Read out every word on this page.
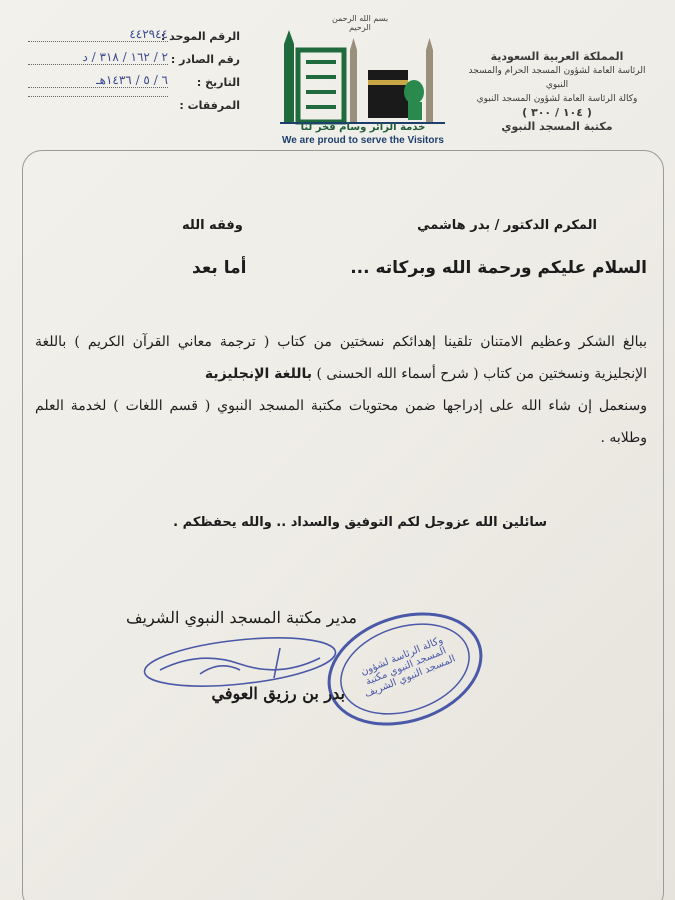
المملكة العربية السعودية
الرئاسة العامة لشؤون المسجد الحرام والمسجد النبوي
وكالة الرئاسة العامة لشؤون المسجد النبوي
( ١٠٤ / ٣٠٠ )
مكتبة المسجد النبوي
الرقم الموحد :
٤٤٢٩٤٤
رقم الصادر :
٢ / ١٦٢ / ٣١٨ / د
التاريخ :
٦ / ٥ / ١٤٣٦هـ
المرفقات :
بسم الله الرحمن الرحيم
خدمة الزائر وسام فخر لنا
We are proud to serve the Visitors
المكرم الدكتور / بدر هاشمي
وفقه الله
السلام عليكم ورحمة الله وبركاته ...
أما بعد
ببالغ الشكر وعظيم الامتنان تلقينا إهدائكم نسختين من كتاب ( ترجمة معاني القرآن الكريم ) باللغة الإنجليزية ونسختين من كتاب ( شرح أسماء الله الحسنى ) باللغة الإنجليزية
وسنعمل إن شاء الله على إدراجها ضمن محتويات مكتبة المسجد النبوي ( قسم اللغات ) لخدمة العلم وطلابه .
سائلين الله عزوجل لكم التوفيق والسداد .. والله يحفظكم .
مدير مكتبة المسجد النبوي الشريف
وكالة الرئاسة لشؤون المسجد النبوي مكتبة المسجد النبوي الشريف
بدر بن رزيق العوفي
